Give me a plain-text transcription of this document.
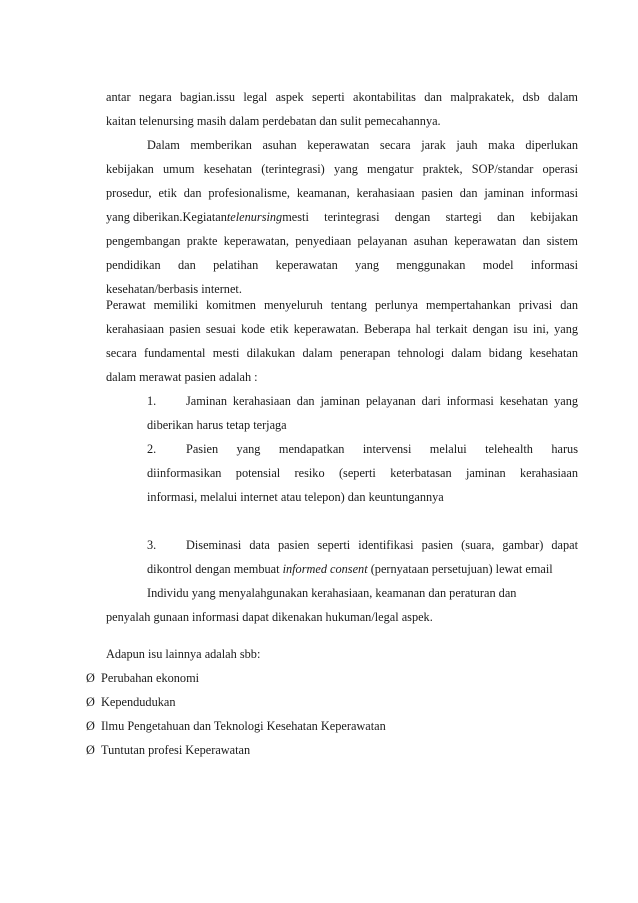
antar negara bagian.issu legal aspek seperti akontabilitas dan malprakatek, dsb dalam
kaitan telenursing masih dalam perdebatan dan sulit pemecahannya.
Dalam memberikan asuhan keperawatan secara jarak jauh maka diperlukan
kebijakan umum kesehatan (terintegrasi) yang mengatur praktek, SOP/standar operasi
prosedur, etik dan profesionalisme, keamanan, kerahasiaan pasien dan jaminan informasi
yang diberikan.Kegiatantelenursing mesti terintegrasi dengan startegi dan kebijakan
pengembangan prakte keperawatan, penyediaan pelayanan asuhan keperawatan dan sistem
pendidikan dan pelatihan keperawatan yang menggunakan model informasi
kesehatan/berbasis internet.
Perawat memiliki komitmen menyeluruh tentang perlunya mempertahankan privasi dan
kerahasiaan pasien sesuai kode etik keperawatan. Beberapa hal terkait dengan isu ini, yang
secara fundamental mesti dilakukan dalam penerapan tehnologi dalam bidang kesehatan
dalam merawat pasien adalah :
1. Jaminan kerahasiaan dan jaminan pelayanan dari informasi kesehatan yang
diberikan harus tetap terjaga
2. Pasien yang mendapatkan intervensi melalui telehealth harus
diinformasikan potensial resiko (seperti keterbatasan jaminan kerahasiaan
informasi, melalui internet atau telepon) dan keuntungannya
3. Diseminasi data pasien seperti identifikasi pasien (suara, gambar) dapat
dikontrol dengan membuat informed consent (pernyataan persetujuan) lewat email
Individu yang menyalahgunakan kerahasiaan, keamanan dan peraturan dan
penyalah gunaan informasi dapat dikenakan hukuman/legal aspek.
Adapun isu lainnya adalah sbb:
Ø Perubahan ekonomi
Ø Kependudukan
Ø Ilmu Pengetahuan dan Teknologi Kesehatan Keperawatan
Ø Tuntutan profesi Keperawatan
